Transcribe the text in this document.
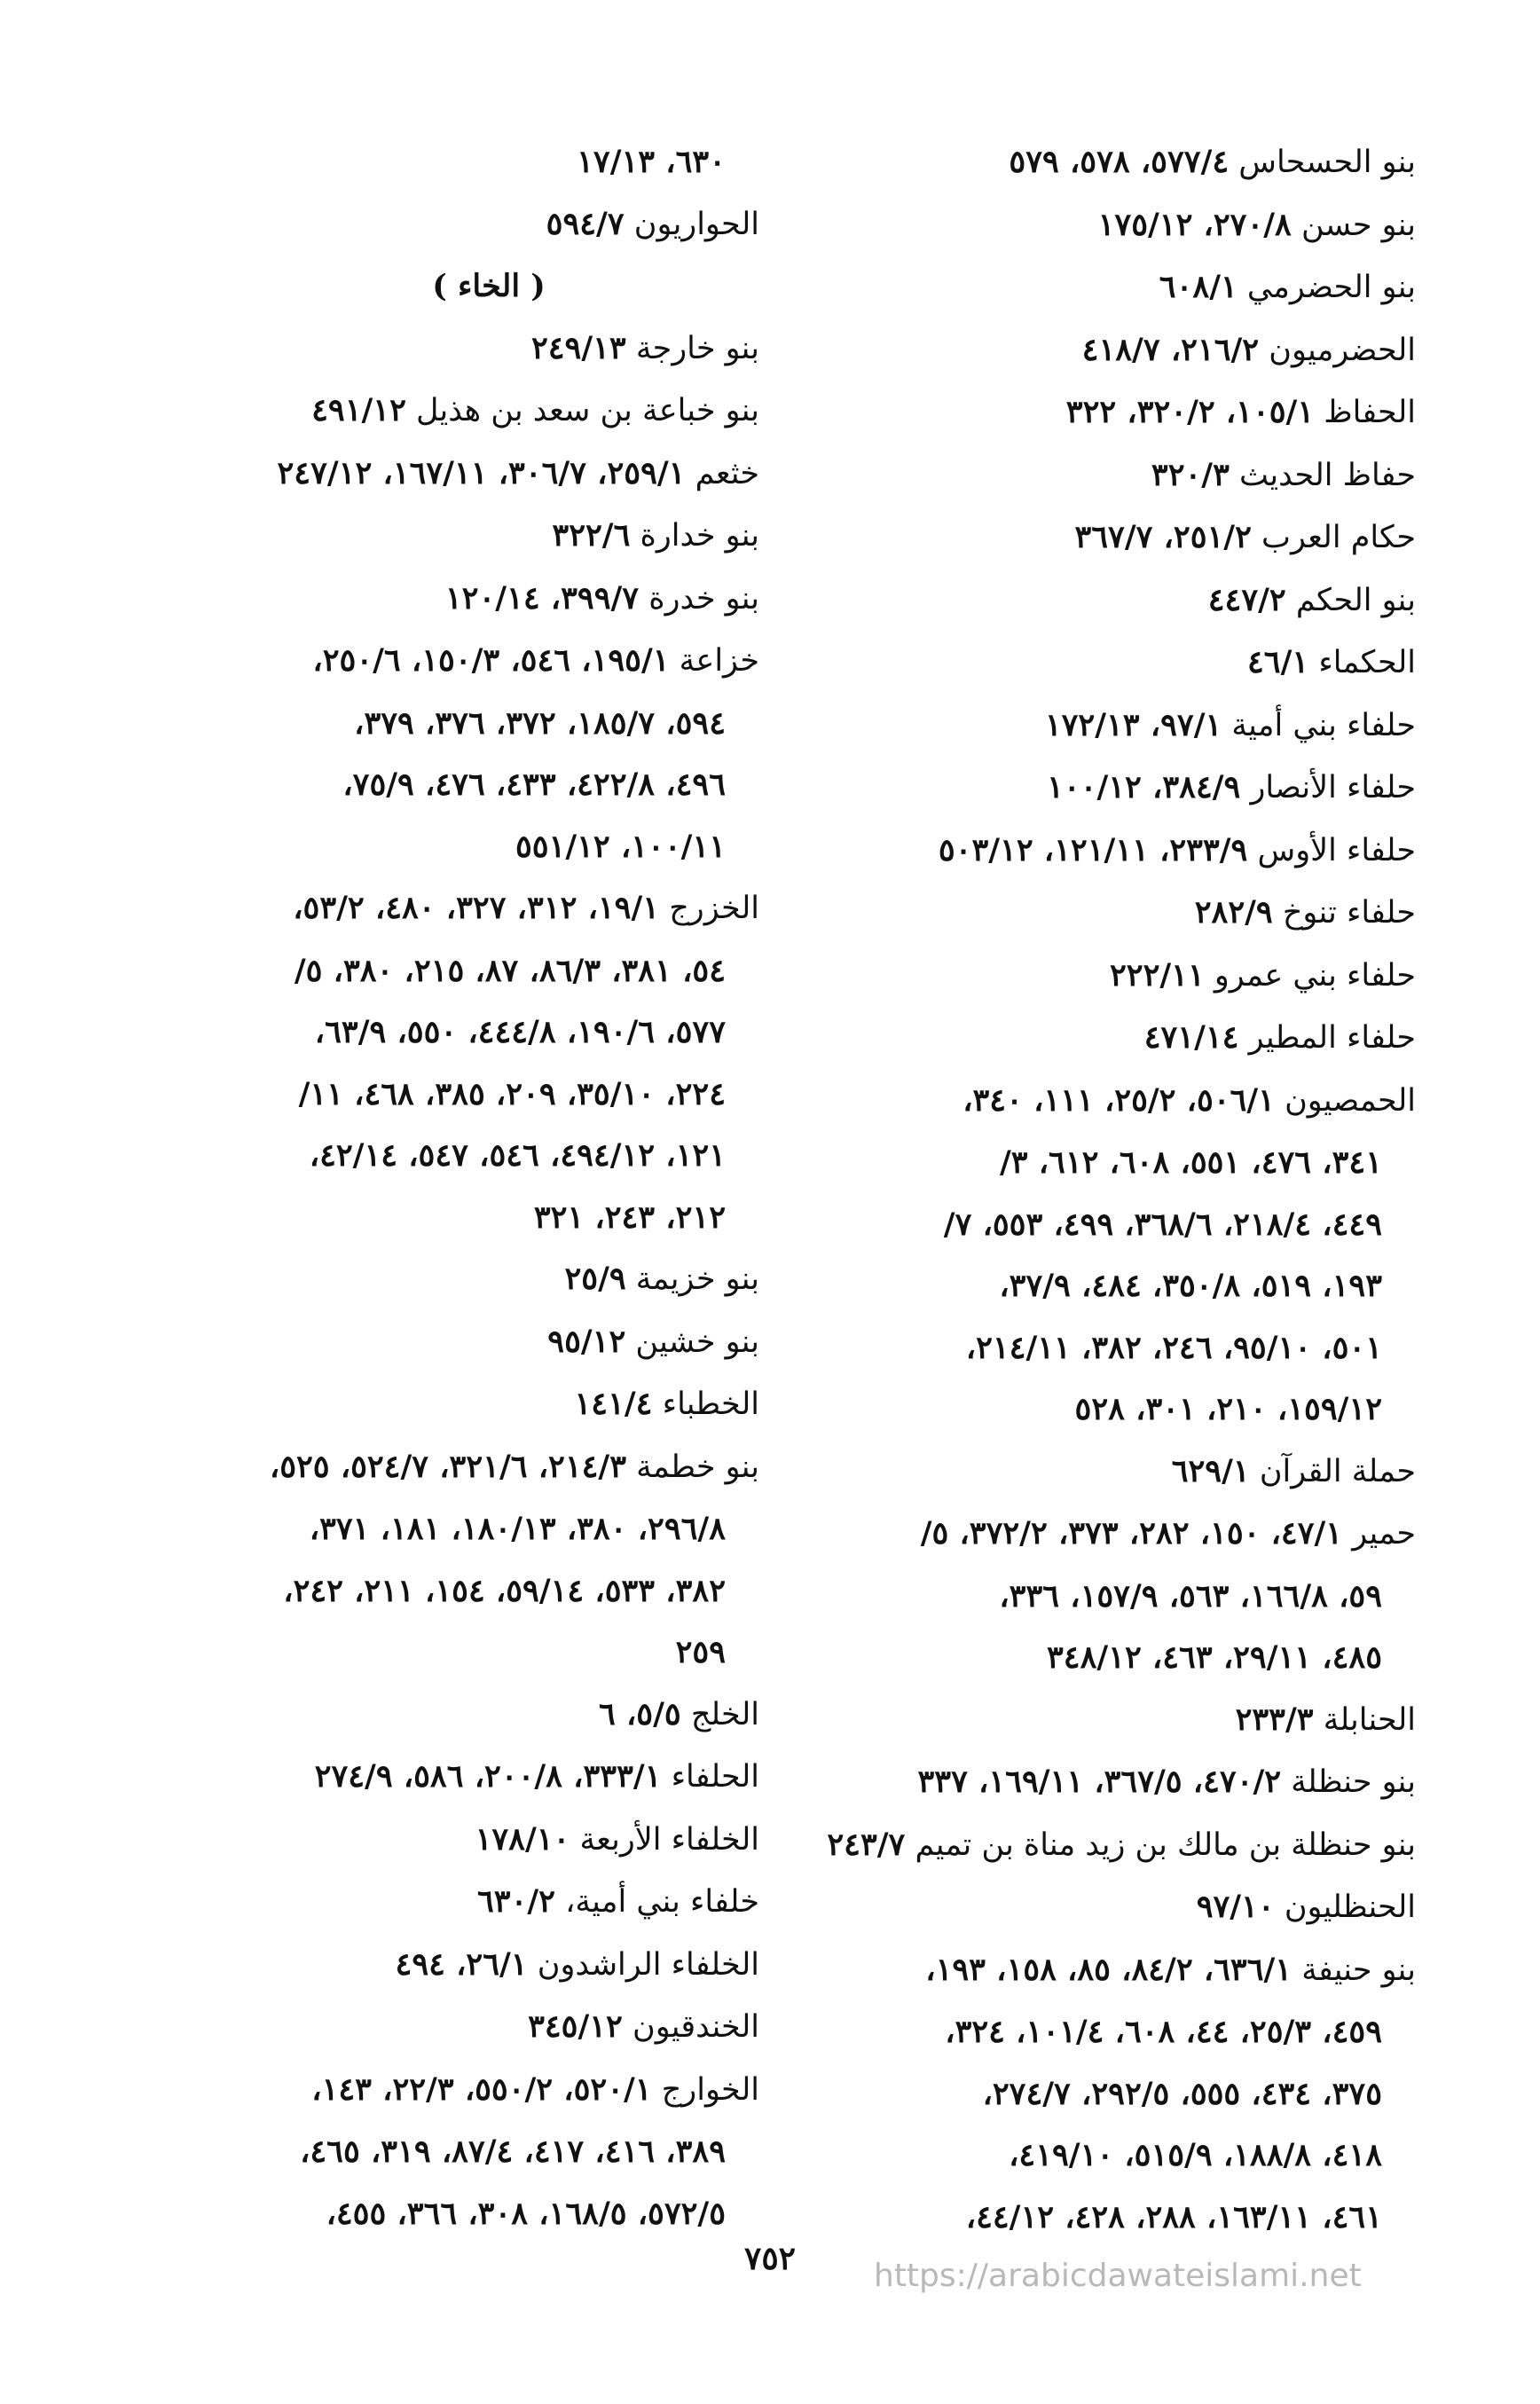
بنو الحسحاس ٥٧٧/٤، ٥٧٨، ٥٧٩
بنو حسن ٢٧٠/٨، ١٧٥/١٢
بنو الحضرمي ٦٠٨/١
الحضرميون ٢١٦/٢، ٤١٨/٧
الحفاظ ١٠٥/١، ٣٢٠/٢، ٣٢٢
حفاظ الحديث ٣٢٠/٣
حكام العرب ٢٥١/٢، ٣٦٧/٧
بنو الحكم ٤٤٧/٢
الحكماء ٤٦/١
حلفاء بني أمية ٩٧/١، ١٧٢/١٣
حلفاء الأنصار ٣٨٤/٩، ١٠٠/١٢
حلفاء الأوس ٢٣٣/٩، ١٢١/١١، ٥٠٣/١٢
حلفاء تنوخ ٢٨٢/٩
حلفاء بني عمرو ٢٢٢/١١
حلفاء المطير ٤٧١/١٤
الحمصيون ٥٠٦/١، ٢٥/٢، ١١١، ٣٤٠،
٣٤١، ٤٧٦، ٥٥١، ٦٠٨، ٦١٢، ٣/
٤٤٩، ٢١٨/٤، ٣٦٨/٦، ٤٩٩، ٥٥٣، ٧/
١٩٣، ٥١٩، ٣٥٠/٨، ٤٨٤، ٣٧/٩،
٥٠١، ٩٥/١٠، ٢٤٦، ٣٨٢، ٢١٤/١١،
١٥٩/١٢، ٢١٠، ٣٠١، ٥٢٨
حملة القرآن ٦٢٩/١
حمير ٤٧/١، ١٥٠، ٢٨٢، ٣٧٣، ٣٧٢/٢، ٥/
٥٩، ١٦٦/٨، ٥٦٣، ١٥٧/٩، ٣٣٦،
٤٨٥، ٢٩/١١، ٤٦٣، ٣٤٨/١٢
الحنابلة ٢٣٣/٣
بنو حنظلة ٤٧٠/٢، ٣٦٧/٥، ١٦٩/١١، ٣٣٧
بنو حنظلة بن مالك بن زيد مناة بن تميم ٢٤٣/٧
الحنظليون ٩٧/١٠
بنو حنيفة ٦٣٦/١، ٨٤/٢، ٨٥، ١٥٨، ١٩٣،
٤٥٩، ٢٥/٣، ٤٤، ٦٠٨، ١٠١/٤، ٣٢٤،
٣٧٥، ٤٣٤، ٥٥٥، ٢٩٢/٥، ٢٧٤/٧،
٤١٨، ١٨٨/٨، ٥١٥/٩، ٤١٩/١٠،
٤٦١، ١٦٣/١١، ٢٨٨، ٤٢٨، ٤٤/١٢،
٦٣٠، ١٧/١٣
الحواريون ٥٩٤/٧
( الخاء )
بنو خارجة ٢٤٩/١٣
بنو خباعة بن سعد بن هذيل ٤٩١/١٢
خثعم ٢٥٩/١، ٣٠٦/٧، ١٦٧/١١، ٢٤٧/١٢
بنو خدارة ٣٢٢/٦
بنو خدرة ٣٩٩/٧، ١٢٠/١٤
خزاعة ١٩٥/١، ٥٤٦، ١٥٠/٣، ٢٥٠/٦،
٥٩٤، ١٨٥/٧، ٣٧٢، ٣٧٦، ٣٧٩،
٤٩٦، ٤٢٢/٨، ٤٣٣، ٤٧٦، ٧٥/٩،
١٠٠/١١، ٥٥١/١٢
الخزرج ١٩/١، ٣١٢، ٣٢٧، ٤٨٠، ٥٣/٢،
٥٤، ٣٨١، ٨٦/٣، ٨٧، ٢١٥، ٣٨٠، ٥/
٥٧٧، ١٩٠/٦، ٤٤٤/٨، ٥٥٠، ٦٣/٩،
٢٢٤، ٣٥/١٠، ٢٠٩، ٣٨٥، ٤٦٨، ١١/
١٢١، ٤٩٤/١٢، ٥٤٦، ٥٤٧، ٤٢/١٤،
٢١٢، ٢٤٣، ٣٢١
بنو خزيمة ٢٥/٩
بنو خشين ٩٥/١٢
الخطباء ١٤١/٤
بنو خطمة ٢١٤/٣، ٣٢١/٦، ٥٢٤/٧، ٥٢٥،
٢٩٦/٨، ٣٨٠، ١٨٠/١٣، ١٨١، ٣٧١،
٣٨٢، ٥٣٣، ٥٩/١٤، ١٥٤، ٢١١، ٢٤٢،
٢٥٩
الخلج ٥/٥، ٦
الحلفاء ٣٣٣/١، ٢٠٠/٨، ٥٨٦، ٢٧٤/٩
الخلفاء الأربعة ١٧٨/١٠
خلفاء بني أمية، ٦٣٠/٢
الخلفاء الراشدون ٢٦/١، ٤٩٤
الخندقيون ٣٤٥/١٢
الخوارج ٥٢٠/١، ٥٥٠/٢، ٢٢/٣، ١٤٣،
٣٨٩، ٤١٦، ٤١٧، ٨٧/٤، ٣١٩، ٤٦٥،
٥٧٢/٥، ١٦٨/٥، ٣٠٨، ٣٦٦، ٤٥٥،
٧٥٢	https://arabicdawateislami.net
